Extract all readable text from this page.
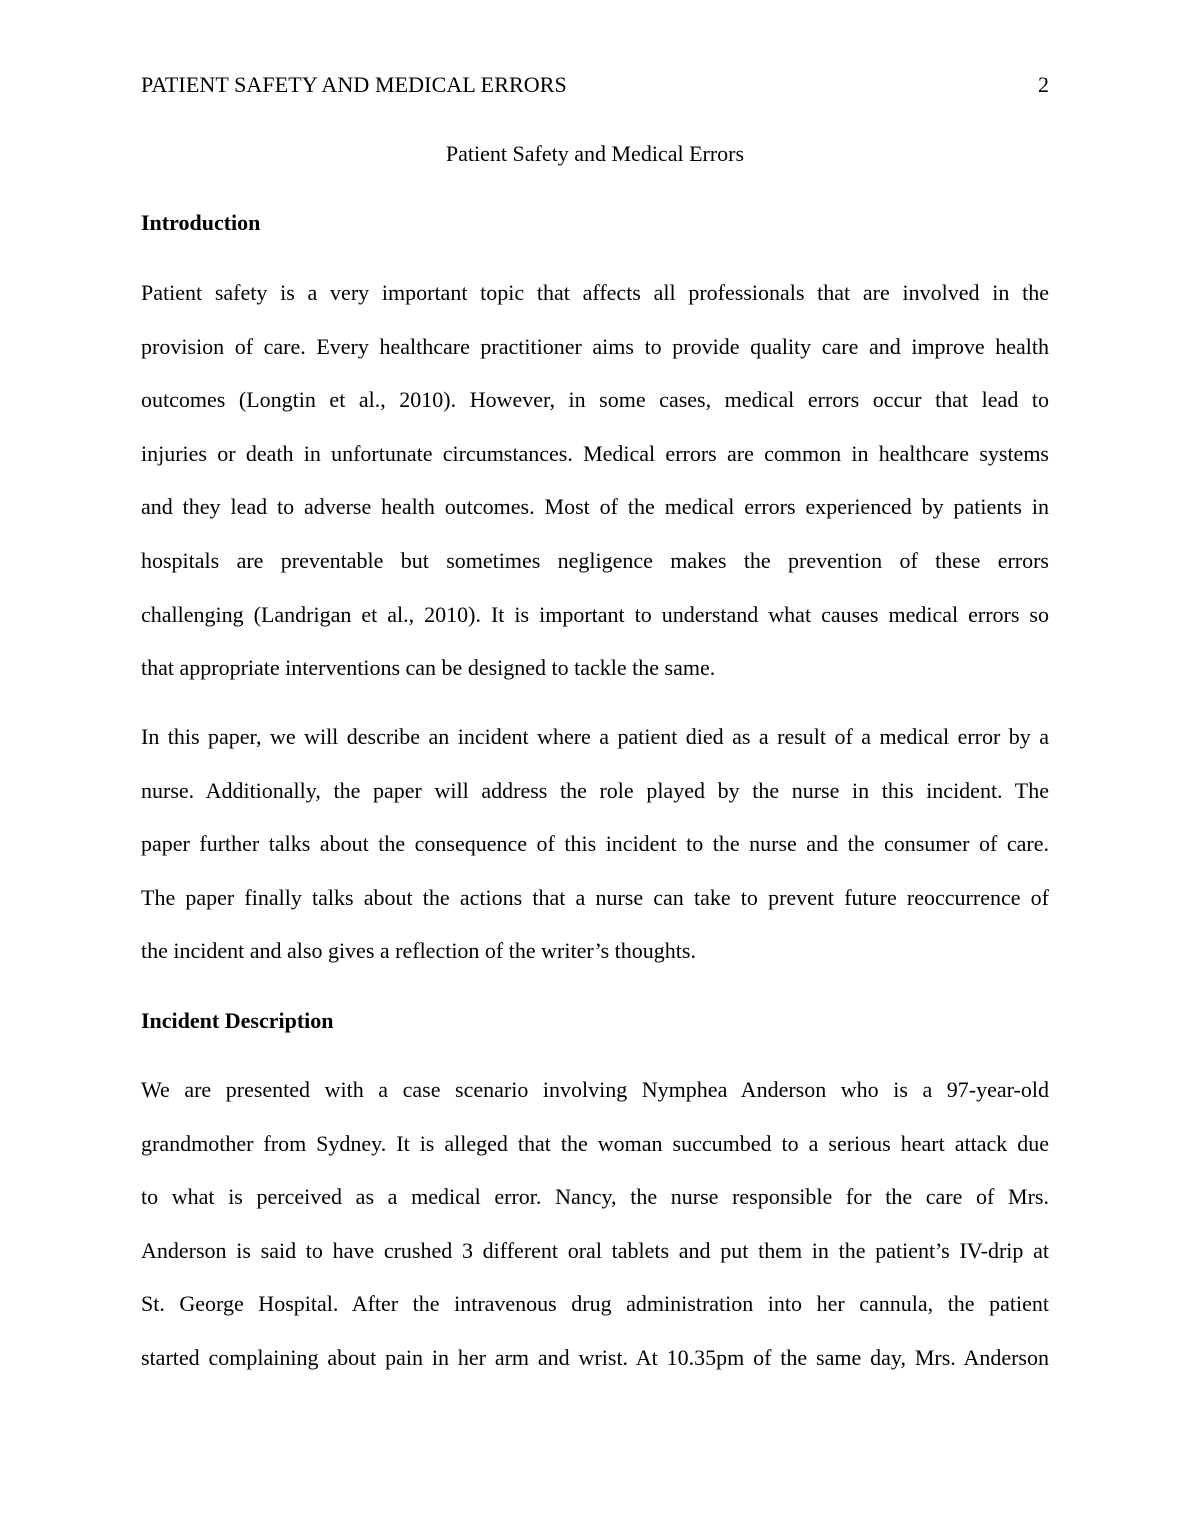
PATIENT SAFETY AND MEDICAL ERRORS	2
Patient Safety and Medical Errors
Introduction
Patient safety is a very important topic that affects all professionals that are involved in the
provision of care. Every healthcare practitioner aims to provide quality care and improve health
outcomes (Longtin et al., 2010). However, in some cases, medical errors occur that lead to
injuries or death in unfortunate circumstances. Medical errors are common in healthcare systems
and they lead to adverse health outcomes. Most of the medical errors experienced by patients in
hospitals are preventable but sometimes negligence makes the prevention of these errors
challenging (Landrigan et al., 2010). It is important to understand what causes medical errors so
that appropriate interventions can be designed to tackle the same.
In this paper, we will describe an incident where a patient died as a result of a medical error by a
nurse. Additionally, the paper will address the role played by the nurse in this incident. The
paper further talks about the consequence of this incident to the nurse and the consumer of care.
The paper finally talks about the actions that a nurse can take to prevent future reoccurrence of
the incident and also gives a reflection of the writer’s thoughts.
Incident Description
We are presented with a case scenario involving Nymphea Anderson who is a 97-year-old
grandmother from Sydney. It is alleged that the woman succumbed to a serious heart attack due
to what is perceived as a medical error. Nancy, the nurse responsible for the care of Mrs.
Anderson is said to have crushed 3 different oral tablets and put them in the patient’s IV-drip at
St. George Hospital. After the intravenous drug administration into her cannula, the patient
started complaining about pain in her arm and wrist. At 10.35pm of the same day, Mrs. Anderson
